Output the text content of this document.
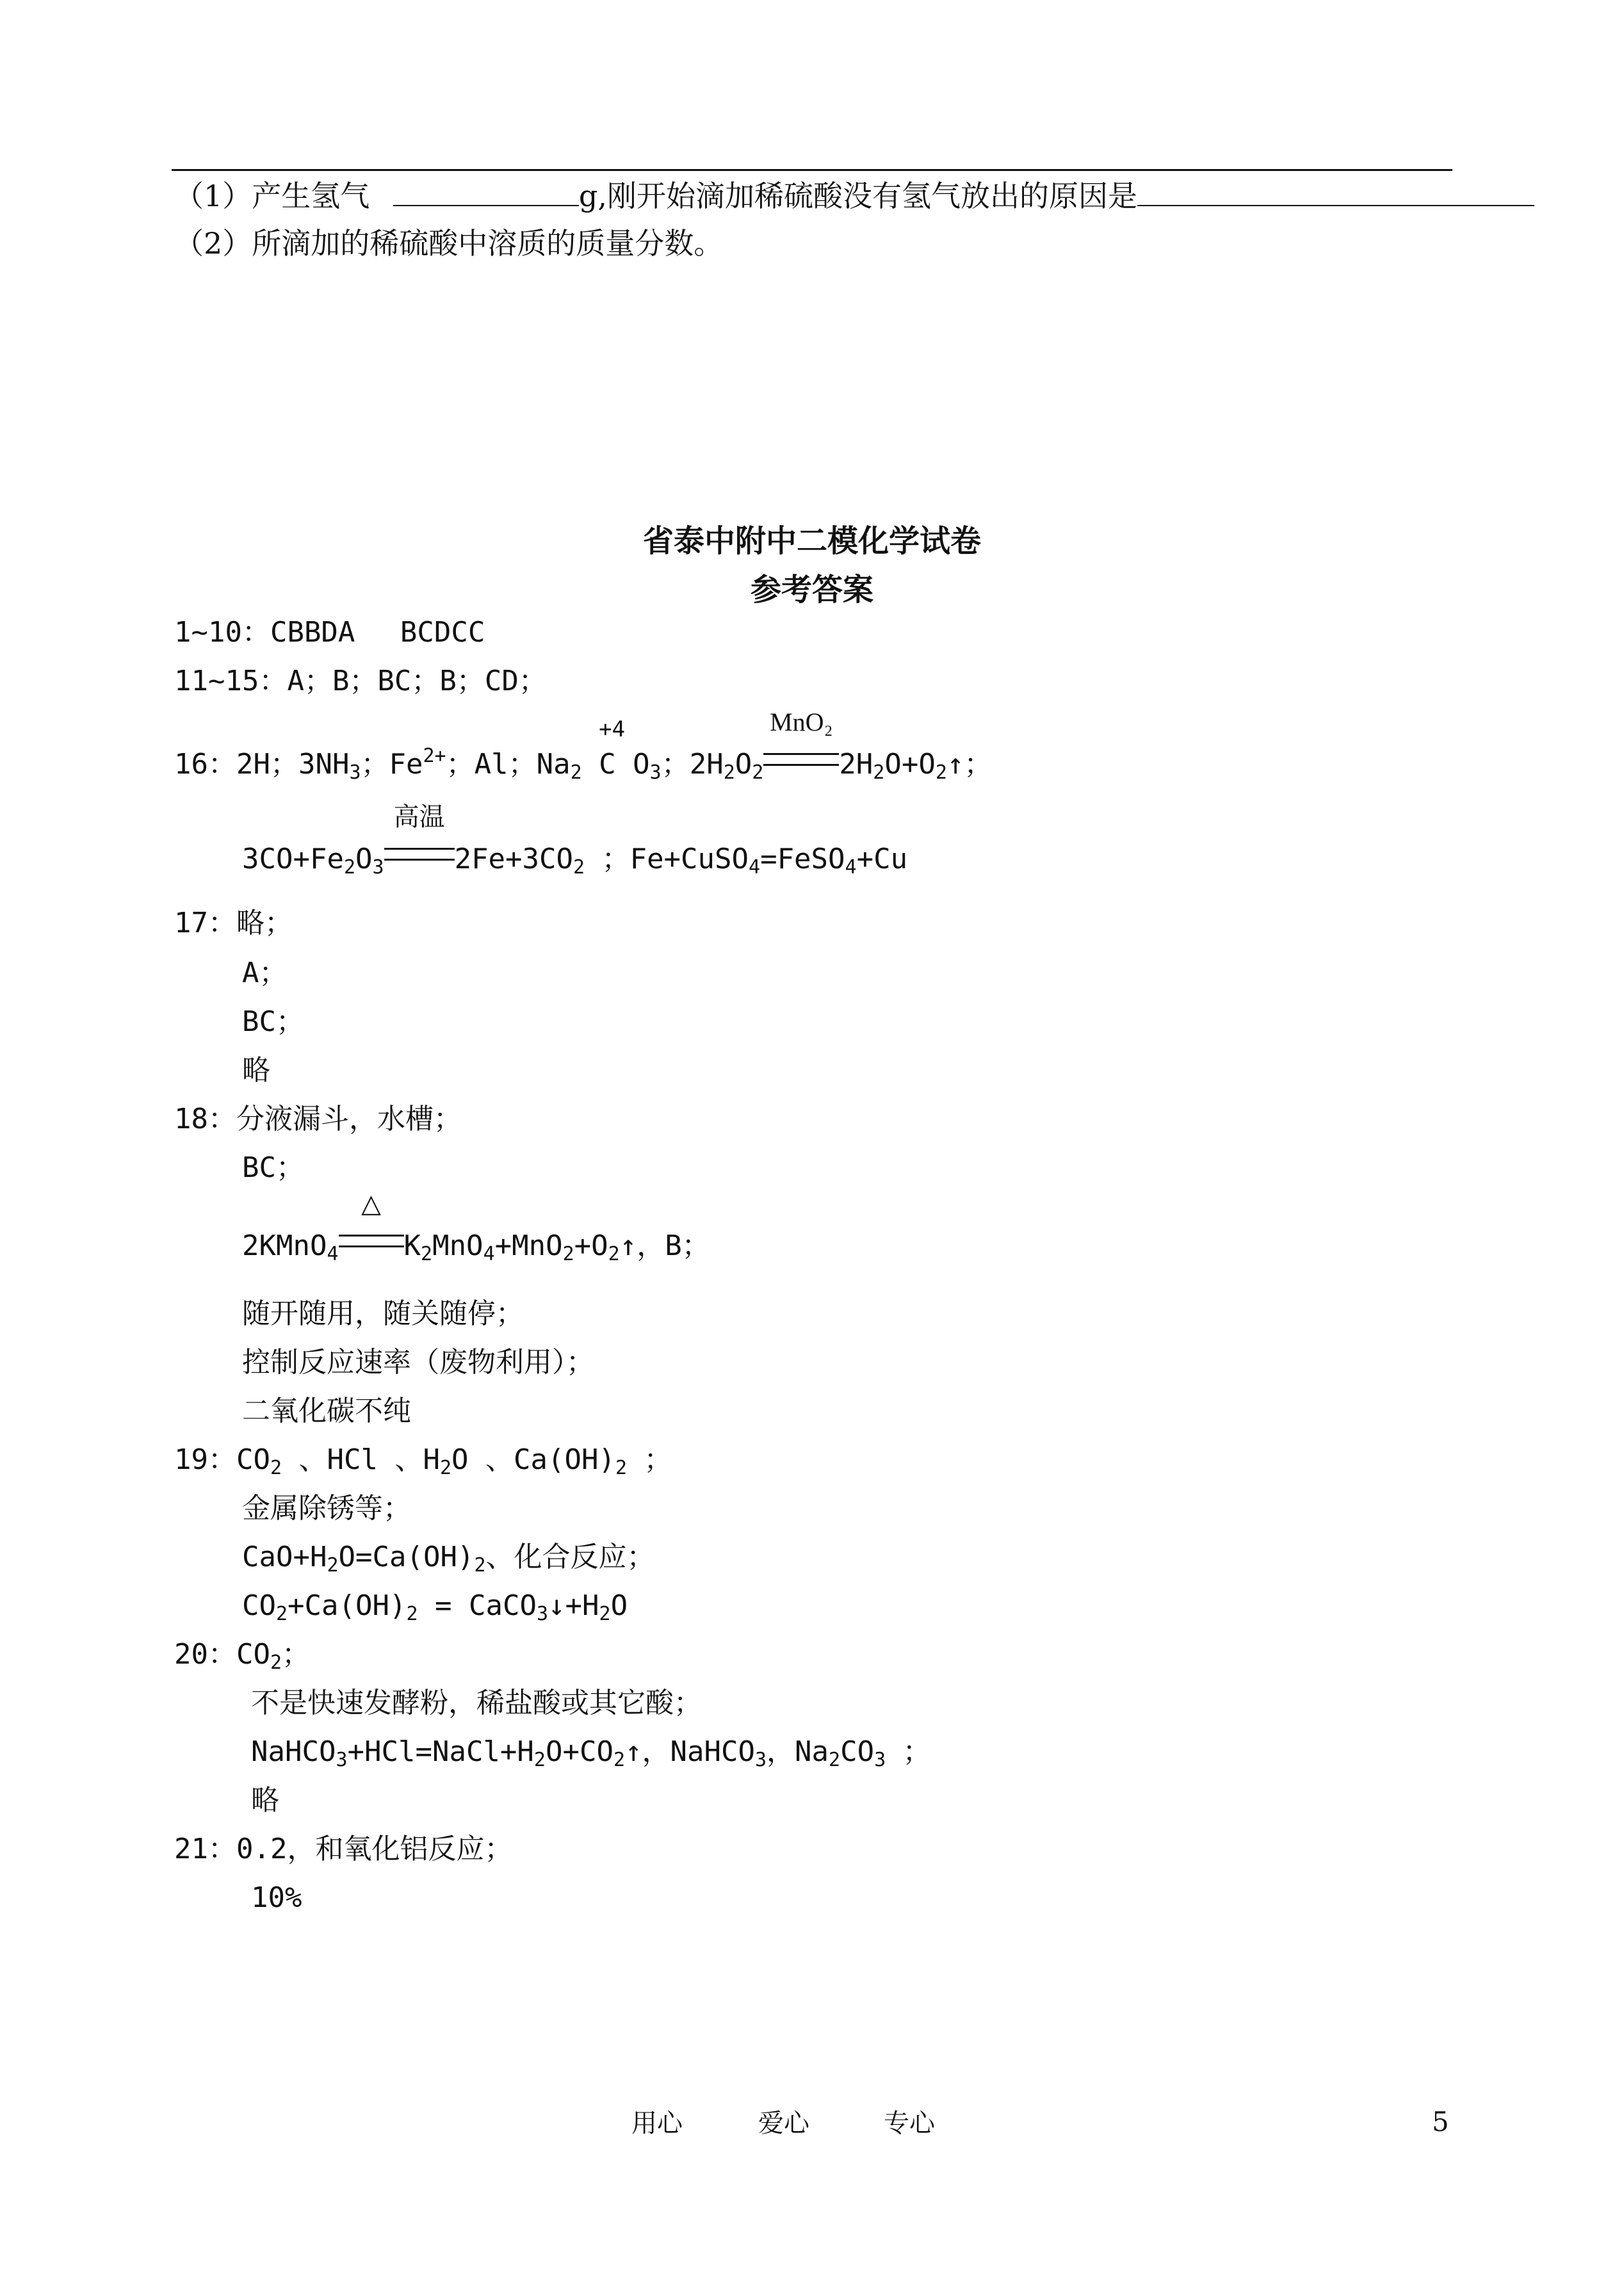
（1）产生氢气	g,刚开始滴加稀硫酸没有氢气放出的原因是
（2）所滴加的稀硫酸中溶质的质量分数。
省泰中附中二模化学试卷
参考答案
1~10：CBBDA　 BCDCC
11~15：A；B；BC；B；CD；
16：2H；$3NH_3$；$Fe^{2+}$；Al；$Na_2$
+4
C $O_3$；$2H_2O_2$
MnO₂
$2H_2O+O_2↑$；
$3CO+Fe_2O_3$
高温
$2Fe+3CO_2$ ；Fe+CuSO$_4$=FeSO$_4$+Cu
17：略；
A；
BC；
略
18：分液漏斗，水槽；
BC；
2KMnO$_4$
△
$K_2MnO_4+MnO_2+O_2↑$，B；
随开随用，随关随停；
控制反应速率（废物利用）；
二氧化碳不纯
19：$CO_2$ 、HCl 、$H_2O$ 、$Ca(OH)_2$ ；
金属除锈等；
$CaO+H_2O=Ca(OH)_2$、化合反应；
$CO_2+Ca(OH)_2$ = $CaCO_3↓+H_2O$
20：$CO_2$；
不是快速发酵粉，稀盐酸或其它酸；
$NaHCO_3+HCl=NaCl+H_2O+CO_2↑$，NaHCO$_3$，$Na_2CO_3$ ；
略
21：0.2，和氧化铝反应；
10%
用心	爱心	专心	5
